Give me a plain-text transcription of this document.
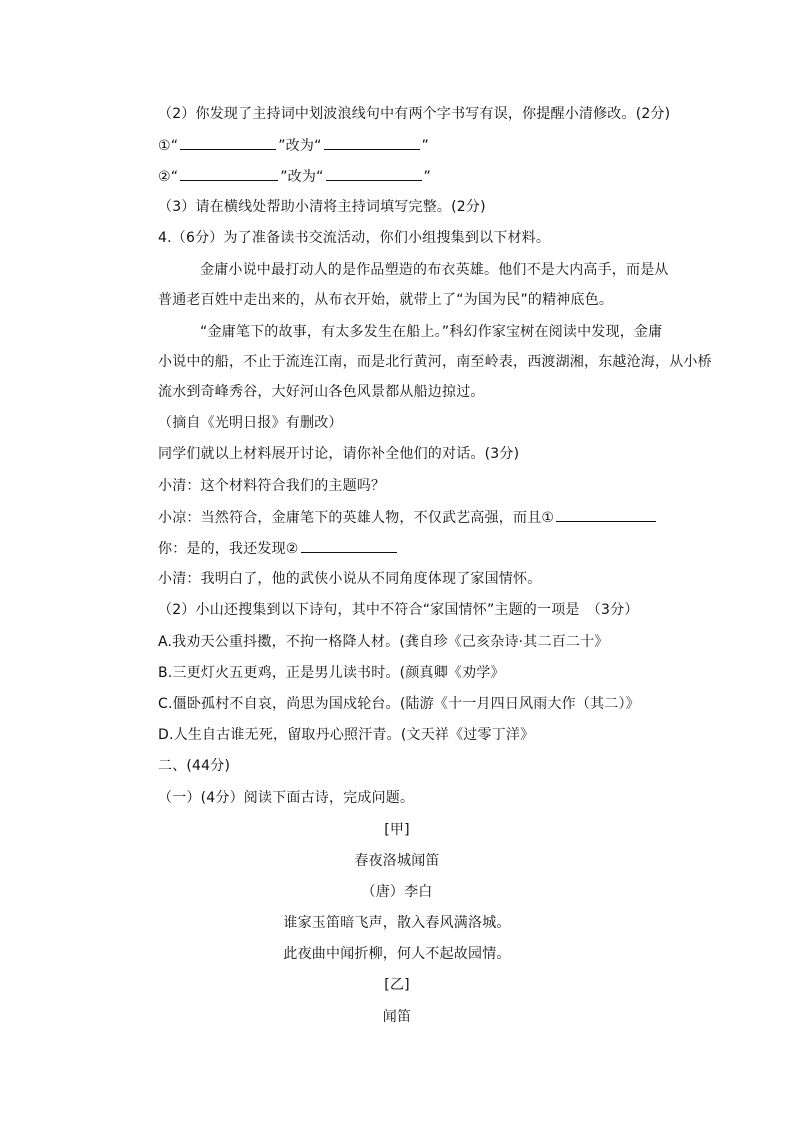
（2）你发现了主持词中划波浪线句中有两个字书写有误，你提醒小清修改。(2分)
①“	”改为“	”
②“	”改为“	”
（3）请在横线处帮助小清将主持词填写完整。(2分)
4.（6分）为了准备读书交流活动，你们小组搜集到以下材料。
金庸小说中最打动人的是作品塑造的布衣英雄。他们不是大内高手，而是从
普通老百姓中走出来的，从布衣开始，就带上了“为国为民”的精神底色。
“金庸笔下的故事，有太多发生在船上。”科幻作家宝树在阅读中发现，金庸
小说中的船，不止于流连江南，而是北行黄河，南至岭表，西渡湖湘，东越沧海，从小桥
流水到奇峰秀谷，大好河山各色风景都从船边掠过。
（摘自《光明日报》有删改）
同学们就以上材料展开讨论，请你补全他们的对话。(3分)
小清：这个材料符合我们的主题吗？
小凉：当然符合，金庸笔下的英雄人物，不仅武艺高强，而且①
你：是的，我还发现②
小清：我明白了，他的武侠小说从不同角度体现了家国情怀。
（2）小山还搜集到以下诗句，其中不符合“家国情怀”主题的一项是　（3分）
A.我劝天公重抖擞，不拘一格降人材。(龚自珍《己亥杂诗·其二百二十》
B.三更灯火五更鸡，正是男儿读书时。(颜真卿《劝学》
C.僵卧孤村不自哀，尚思为国戍轮台。(陆游《十一月四日风雨大作（其二）》
D.人生自古谁无死，留取丹心照汗青。(文天祥《过零丁洋》
二、(44分)
（一）(4分）阅读下面古诗，完成问题。
[甲]
春夜洛城闻笛
（唐）李白
谁家玉笛暗飞声，散入春风满洛城。
此夜曲中闻折柳，何人不起故园情。
[乙]
闻笛
